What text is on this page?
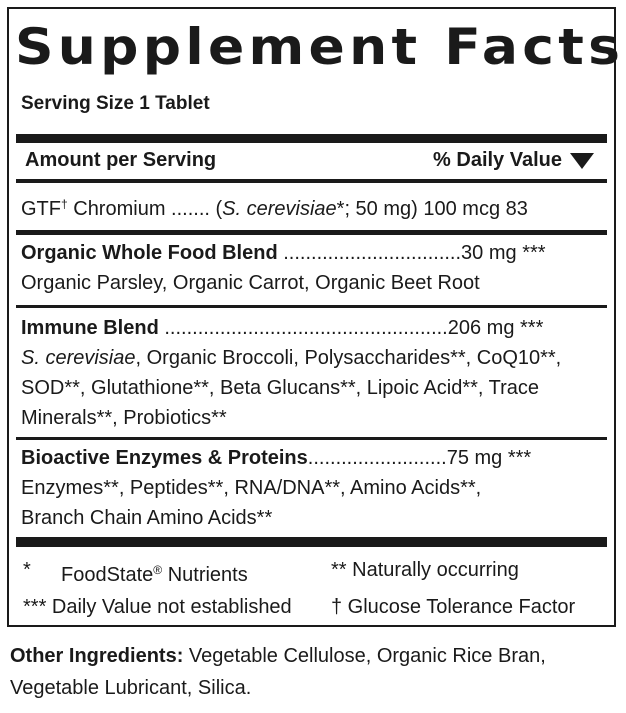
Supplement Facts
Serving Size 1 Tablet
Amount per Serving	% Daily Value
GTF† Chromium ....... (S. cerevisiae*; 50 mg) 100 mcg 83
Organic Whole Food Blend ................................30 mg ***
Organic Parsley, Organic Carrot, Organic Beet Root
Immune Blend ...................................................206 mg ***
S. cerevisiae, Organic Broccoli, Polysaccharides**, CoQ10**,
SOD**, Glutathione**, Beta Glucans**, Lipoic Acid**, Trace
Minerals**, Probiotics**
Bioactive Enzymes & Proteins.........................75 mg ***
Enzymes**, Peptides**, RNA/DNA**, Amino Acids**,
Branch Chain Amino Acids**
* FoodState® Nutrients	** Naturally occurring
*** Daily Value not established † Glucose Tolerance Factor
Other Ingredients: Vegetable Cellulose, Organic Rice Bran,
Vegetable Lubricant, Silica.
